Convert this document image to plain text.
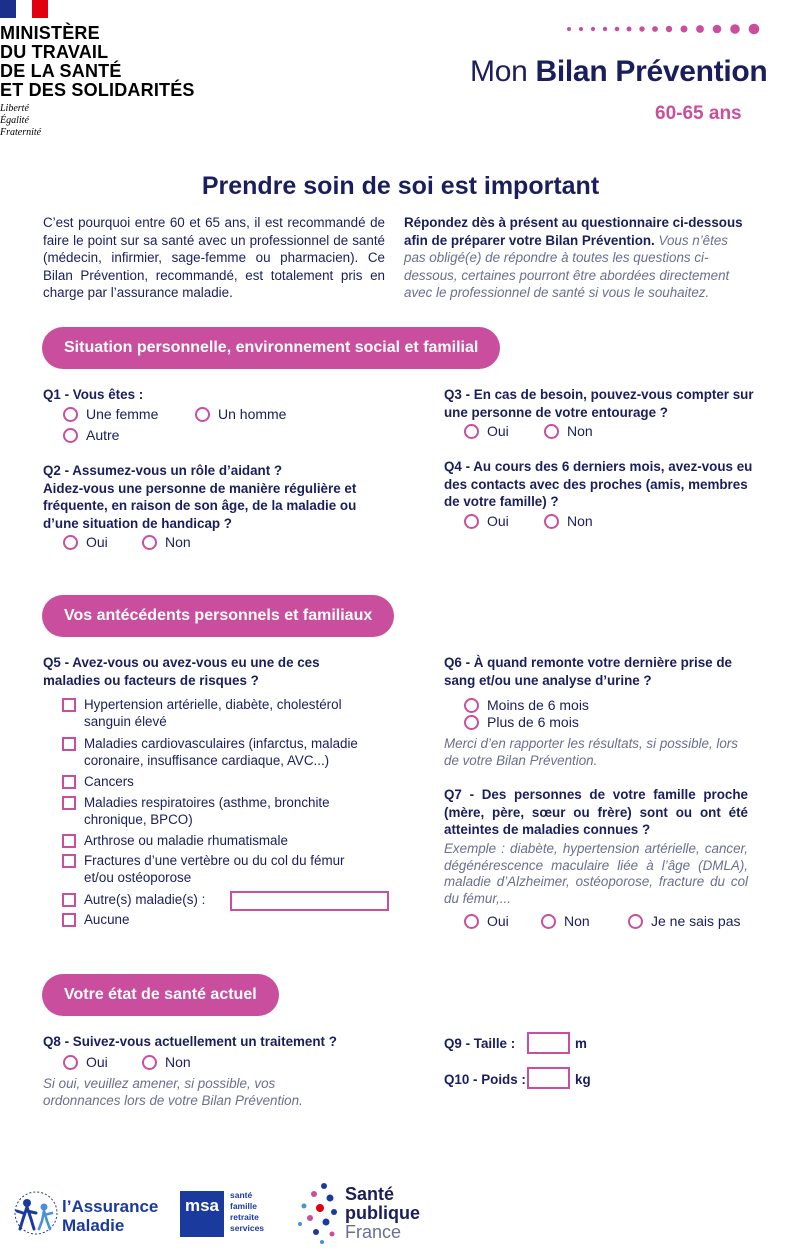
MINISTÈRE
DU TRAVAIL
DE LA SANTÉ
ET DES SOLIDARITÉS
Liberté
Égalité
Fraternité
Mon Bilan Prévention
60-65 ans
Prendre soin de soi est important
C’est pourquoi entre 60 et 65 ans, il est recommandé de faire le point sur sa santé avec un professionnel de santé (médecin, infirmier, sage-femme ou pharmacien). Ce Bilan Prévention, recommandé, est totalement pris en charge par l’assurance maladie.
Répondez dès à présent au questionnaire ci-dessous afin de préparer votre Bilan Prévention. Vous n’êtes pas obligé(e) de répondre à toutes les questions ci-dessous, certaines pourront être abordées directement avec le professionnel de santé si vous le souhaitez.
Situation personnelle, environnement social et familial
Q1 - Vous êtes :
Une femme	Un homme
Autre
Q2 - Assumez-vous un rôle d’aidant ?
Aidez-vous une personne de manière régulière et fréquente, en raison de son âge, de la maladie ou d’une situation de handicap ?
Oui	Non
Q3 - En cas de besoin, pouvez-vous compter sur une personne de votre entourage ?
Oui	Non
Q4 - Au cours des 6 derniers mois, avez-vous eu des contacts avec des proches (amis, membres de votre famille) ?
Oui	Non
Vos antécédents personnels et familiaux
Q5 - Avez-vous ou avez-vous eu une de ces maladies ou facteurs de risques ?
Hypertension artérielle, diabète, cholestérol sanguin élevé
Maladies cardiovasculaires (infarctus, maladie coronaire, insuffisance cardiaque, AVC...)
Cancers
Maladies respiratoires (asthme, bronchite chronique, BPCO)
Arthrose ou maladie rhumatismale
Fractures d’une vertèbre ou du col du fémur et/ou ostéoporose
Autre(s) maladie(s) :
Aucune
Q6 - À quand remonte votre dernière prise de sang et/ou une analyse d’urine ?
Moins de 6 mois
Plus de 6 mois
Merci d’en rapporter les résultats, si possible, lors de votre Bilan Prévention.
Q7 - Des personnes de votre famille proche (mère, père, sœur ou frère) sont ou ont été atteintes de maladies connues ?
Exemple : diabète, hypertension artérielle, cancer, dégénérescence maculaire liée à l’âge (DMLA), maladie d’Alzheimer, ostéoporose, fracture du col du fémur,...
Oui	Non	Je ne sais pas
Votre état de santé actuel
Q8 - Suivez-vous actuellement un traitement ?
Oui	Non
Si oui, veuillez amener, si possible, vos ordonnances lors de votre Bilan Prévention.
Q9 - Taille :	m
Q10 - Poids :	kg
l’Assurance
Maladie
msa
santé
famille
retraite
services
Santé
publique
France
